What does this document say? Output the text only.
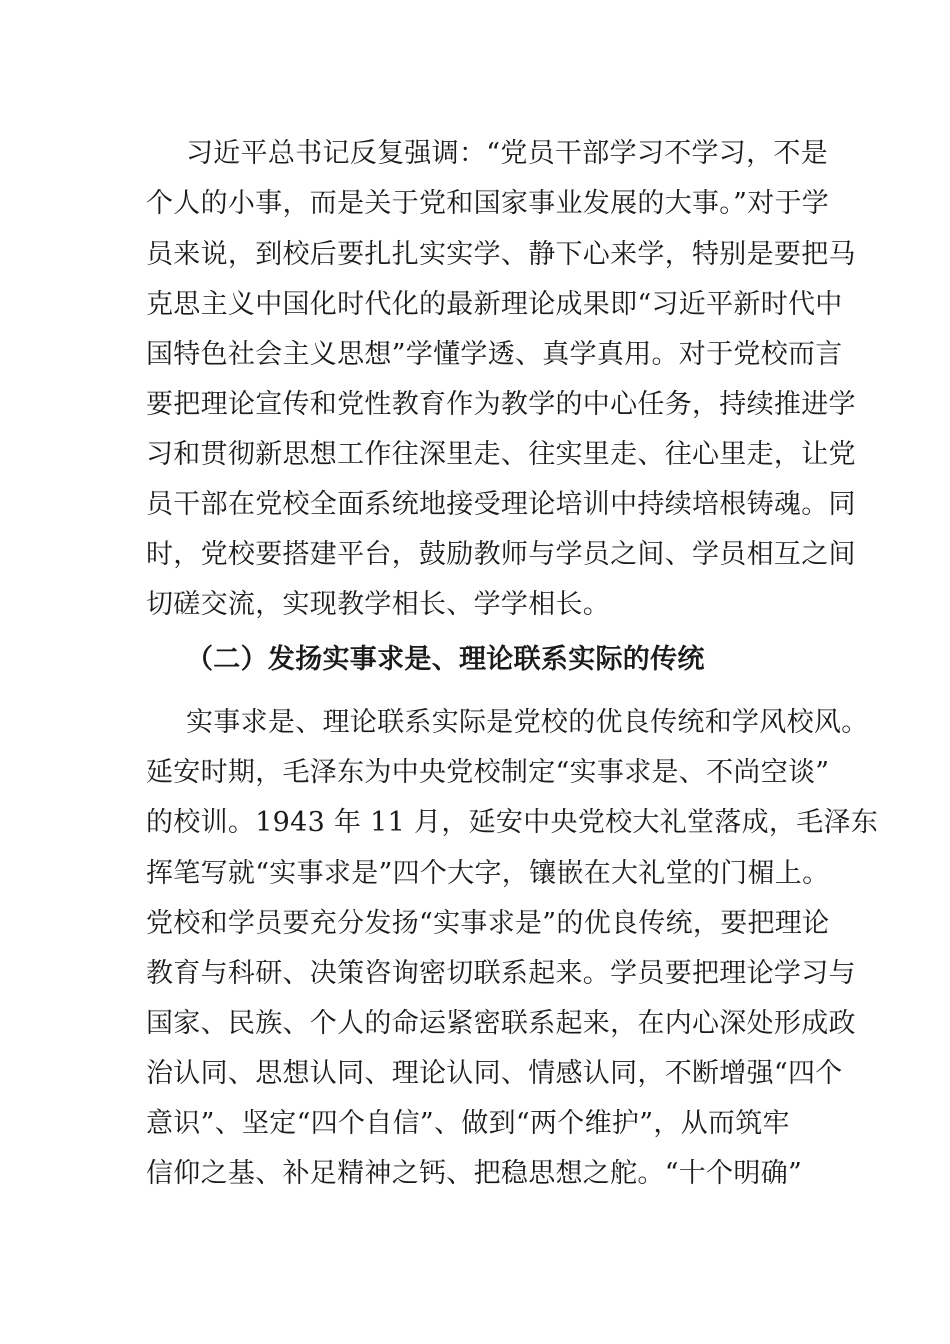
习近平总书记反复强调：“党员干部学习不学习，不是
个人的小事，而是关于党和国家事业发展的大事。”对于学
员来说，到校后要扎扎实实学、静下心来学，特别是要把马
克思主义中国化时代化的最新理论成果即“习近平新时代中
国特色社会主义思想”学懂学透、真学真用。对于党校而言
要把理论宣传和党性教育作为教学的中心任务，持续推进学
习和贯彻新思想工作往深里走、往实里走、往心里走，让党
员干部在党校全面系统地接受理论培训中持续培根铸魂。同
时，党校要搭建平台，鼓励教师与学员之间、学员相互之间
切磋交流，实现教学相长、学学相长。
（二）发扬实事求是、理论联系实际的传统
实事求是、理论联系实际是党校的优良传统和学风校风。
延安时期，毛泽东为中央党校制定“实事求是、不尚空谈”
的校训。1943 年 11 月，延安中央党校大礼堂落成，毛泽东
挥笔写就“实事求是”四个大字，镶嵌在大礼堂的门楣上。
党校和学员要充分发扬“实事求是”的优良传统，要把理论
教育与科研、决策咨询密切联系起来。学员要把理论学习与
国家、民族、个人的命运紧密联系起来，在内心深处形成政
治认同、思想认同、理论认同、情感认同，不断增强“四个
意识”、坚定“四个自信”、做到“两个维护”，从而筑牢
信仰之基、补足精神之钙、把稳思想之舵。“十个明确”
